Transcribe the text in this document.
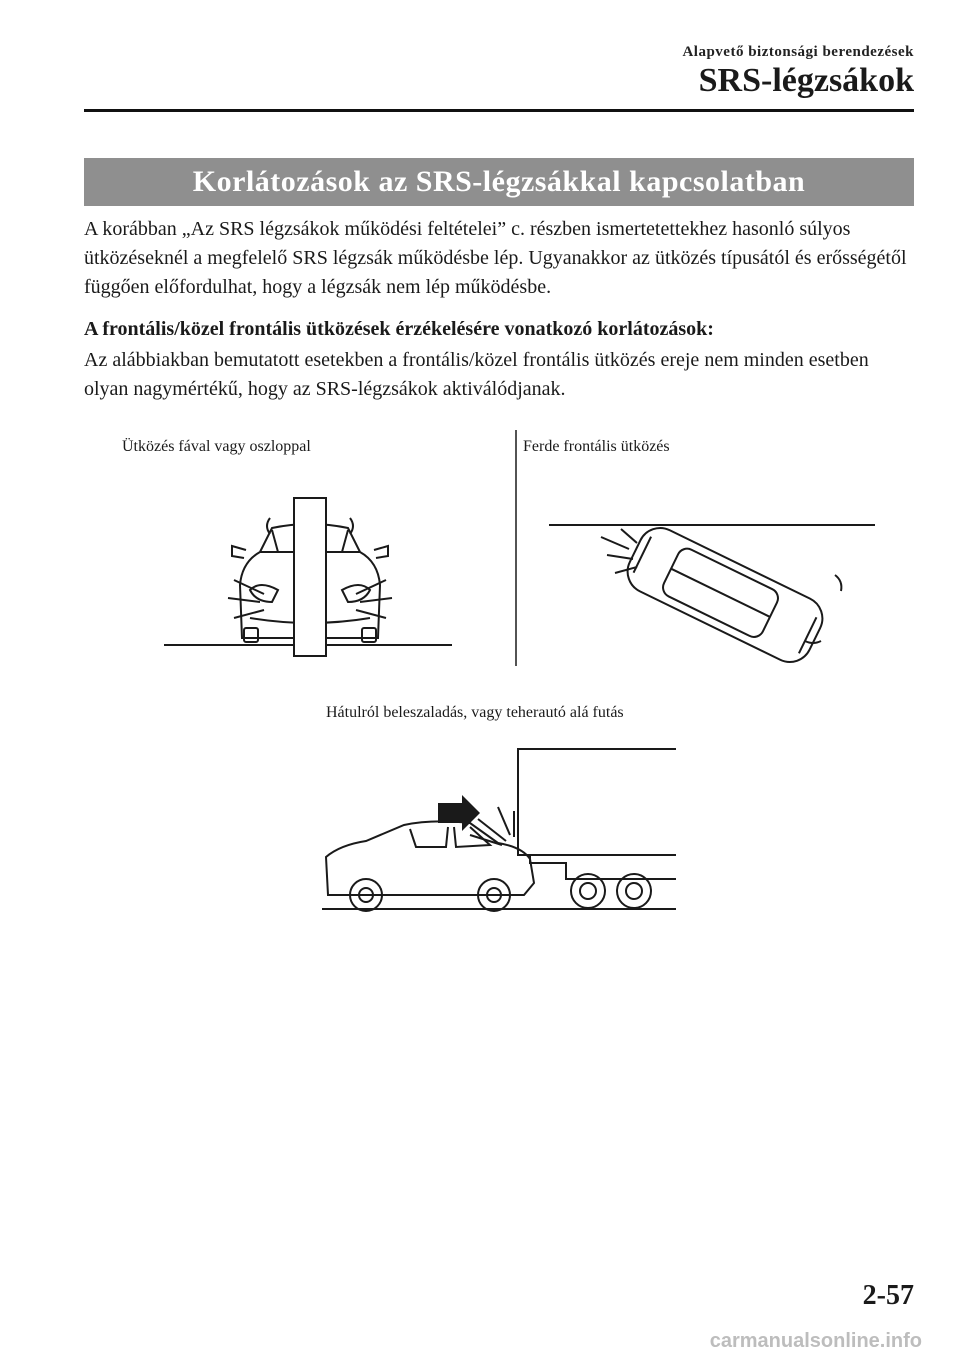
Alapvető biztonsági berendezések
SRS-légzsákok
Korlátozások az SRS-légzsákkal kapcsolatban

A korábban „Az SRS légzsákok működési feltételei” c. részben ismertetettekhez hasonló súlyos ütközéseknél a megfelelő SRS légzsák működésbe lép. Ugyanakkor az ütközés típusától és erősségétől függően előfordulhat, hogy a légzsák nem lép működésbe.

A frontális/közel frontális ütközések érzékelésére vonatkozó korlátozások:

Az alábbiakban bemutatott esetekben a frontális/közel frontális ütközés ereje nem minden esetben olyan nagymértékű, hogy az SRS-légzsákok aktiválódjanak.

Ütközés fával vagy oszloppal	Ferde frontális ütközés
Hátulról beleszaladás, vagy teherautó alá futás
2-57
carmanualsonline.info
